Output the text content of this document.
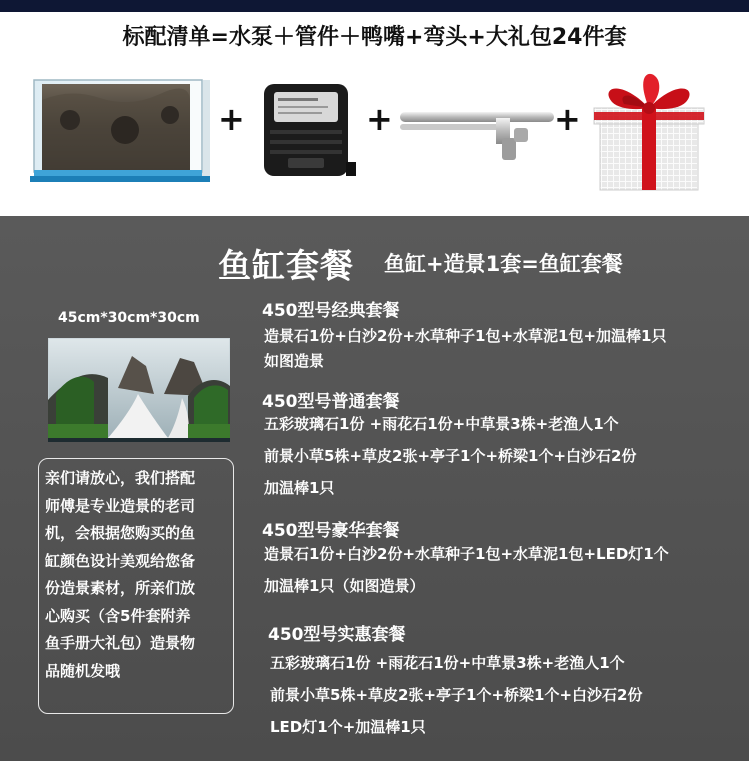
标配清单=水泵＋管件＋鸭嘴+弯头+大礼包24件套
+	+	+
鱼缸套餐 鱼缸+造景1套=鱼缸套餐
45cm*30cm*30cm
亲们请放心，我们搭配
师傅是专业造景的老司
机，会根据您购买的鱼
缸颜色设计美观给您备
份造景素材，所亲们放
心购买（含5件套附养
鱼手册大礼包）造景物
品随机发哦
450型号经典套餐
造景石1份+白沙2份+水草种子1包+水草泥1包+加温棒1只
如图造景
450型号普通套餐
五彩玻璃石1份 +雨花石1份+中草景3株+老渔人1个
前景小草5株+草皮2张+亭子1个+桥梁1个+白沙石2份
加温棒1只
450型号豪华套餐
造景石1份+白沙2份+水草种子1包+水草泥1包+LED灯1个
加温棒1只（如图造景）
450型号实惠套餐
五彩玻璃石1份 +雨花石1份+中草景3株+老渔人1个
前景小草5株+草皮2张+亭子1个+桥梁1个+白沙石2份
LED灯1个+加温棒1只
